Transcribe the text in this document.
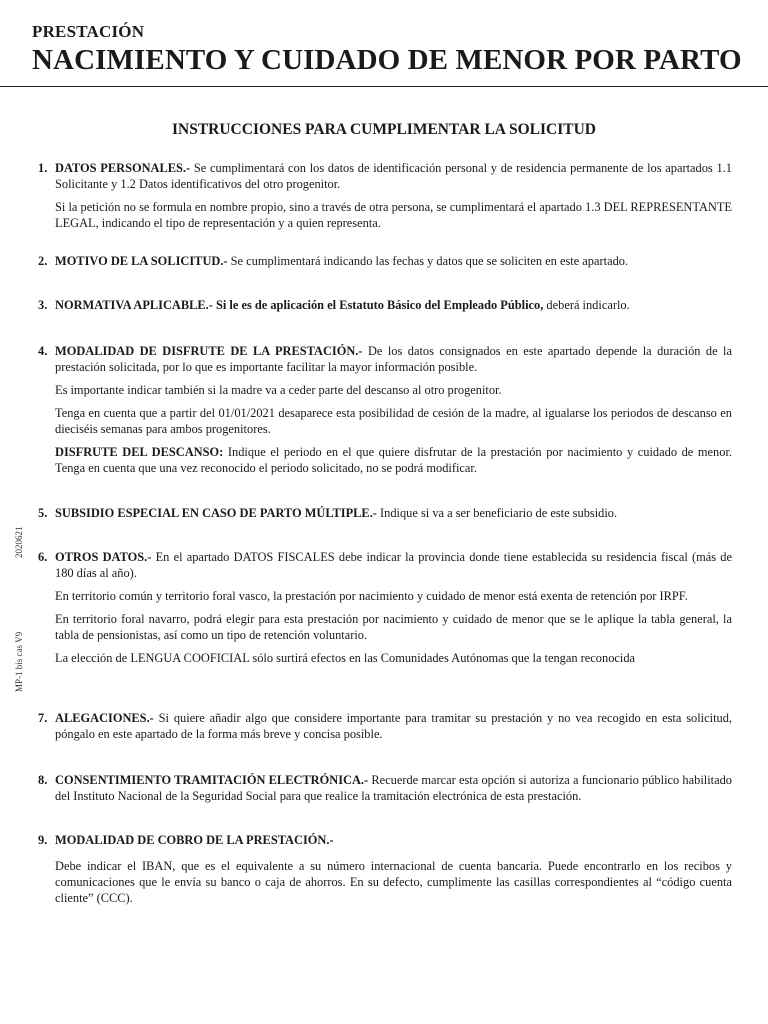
PRESTACIÓN
NACIMIENTO Y CUIDADO DE MENOR POR PARTO
INSTRUCCIONES PARA CUMPLIMENTAR LA SOLICITUD
2020621
MP-1 bis cas V9
1. DATOS PERSONALES.- Se cumplimentará con los datos de identificación personal y de residencia permanente de los apartados 1.1 Solicitante y 1.2 Datos identificativos del otro progenitor.

Si la petición no se formula en nombre propio, sino a través de otra persona, se cumplimentará el apartado 1.3 DEL REPRESENTANTE LEGAL, indicando el tipo de representación y a quien representa.

2. MOTIVO DE LA SOLICITUD.- Se cumplimentará indicando las fechas y datos que se soliciten en este apartado.

3. NORMATIVA APLICABLE.- Si le es de aplicación el Estatuto Básico del Empleado Público, deberá indicarlo.

4. MODALIDAD DE DISFRUTE DE LA PRESTACIÓN.- De los datos consignados en este apartado depende la duración de la prestación solicitada, por lo que es importante facilitar la mayor información posible.

Es importante indicar también si la madre va a ceder parte del descanso al otro progenitor.

Tenga en cuenta que a partir del 01/01/2021 desaparece esta posibilidad de cesión de la madre, al igualarse los periodos de descanso en dieciséis semanas para ambos progenitores.

DISFRUTE DEL DESCANSO: Indique el periodo en el que quiere disfrutar de la prestación por nacimiento y cuidado de menor. Tenga en cuenta que una vez reconocido el periodo solicitado, no se podrá modificar.

5. SUBSIDIO ESPECIAL EN CASO DE PARTO MÚLTIPLE.- Indique si va a ser beneficiario de este subsidio.

6. OTROS DATOS.- En el apartado DATOS FISCALES debe indicar la provincia donde tiene establecida su residencia fiscal (más de 180 días al año).

En territorio común y territorio foral vasco, la prestación por nacimiento y cuidado de menor está exenta de retención por IRPF.

En territorio foral navarro, podrá elegir para esta prestación por nacimiento y cuidado de menor que se le aplique la tabla general, la tabla de pensionistas, así como un tipo de retención voluntario.

La elección de LENGUA COOFICIAL sólo surtirá efectos en las Comunidades Autónomas que la tengan reconocida

7. ALEGACIONES.- Si quiere añadir algo que considere importante para tramitar su prestación y no vea recogido en esta solicitud, póngalo en este apartado de la forma más breve y concisa posible.

8. CONSENTIMIENTO TRAMITACIÓN ELECTRÓNICA.- Recuerde marcar esta opción si autoriza a funcionario público habilitado del Instituto Nacional de la Seguridad Social para que realice la tramitación electrónica de esta prestación.

9. MODALIDAD DE COBRO DE LA PRESTACIÓN.-

Debe indicar el IBAN, que es el equivalente a su número internacional de cuenta bancaria. Puede encontrarlo en los recibos y comunicaciones que le envía su banco o caja de ahorros. En su defecto, cumplimente las casillas correspondientes al “código cuenta cliente” (CCC).
